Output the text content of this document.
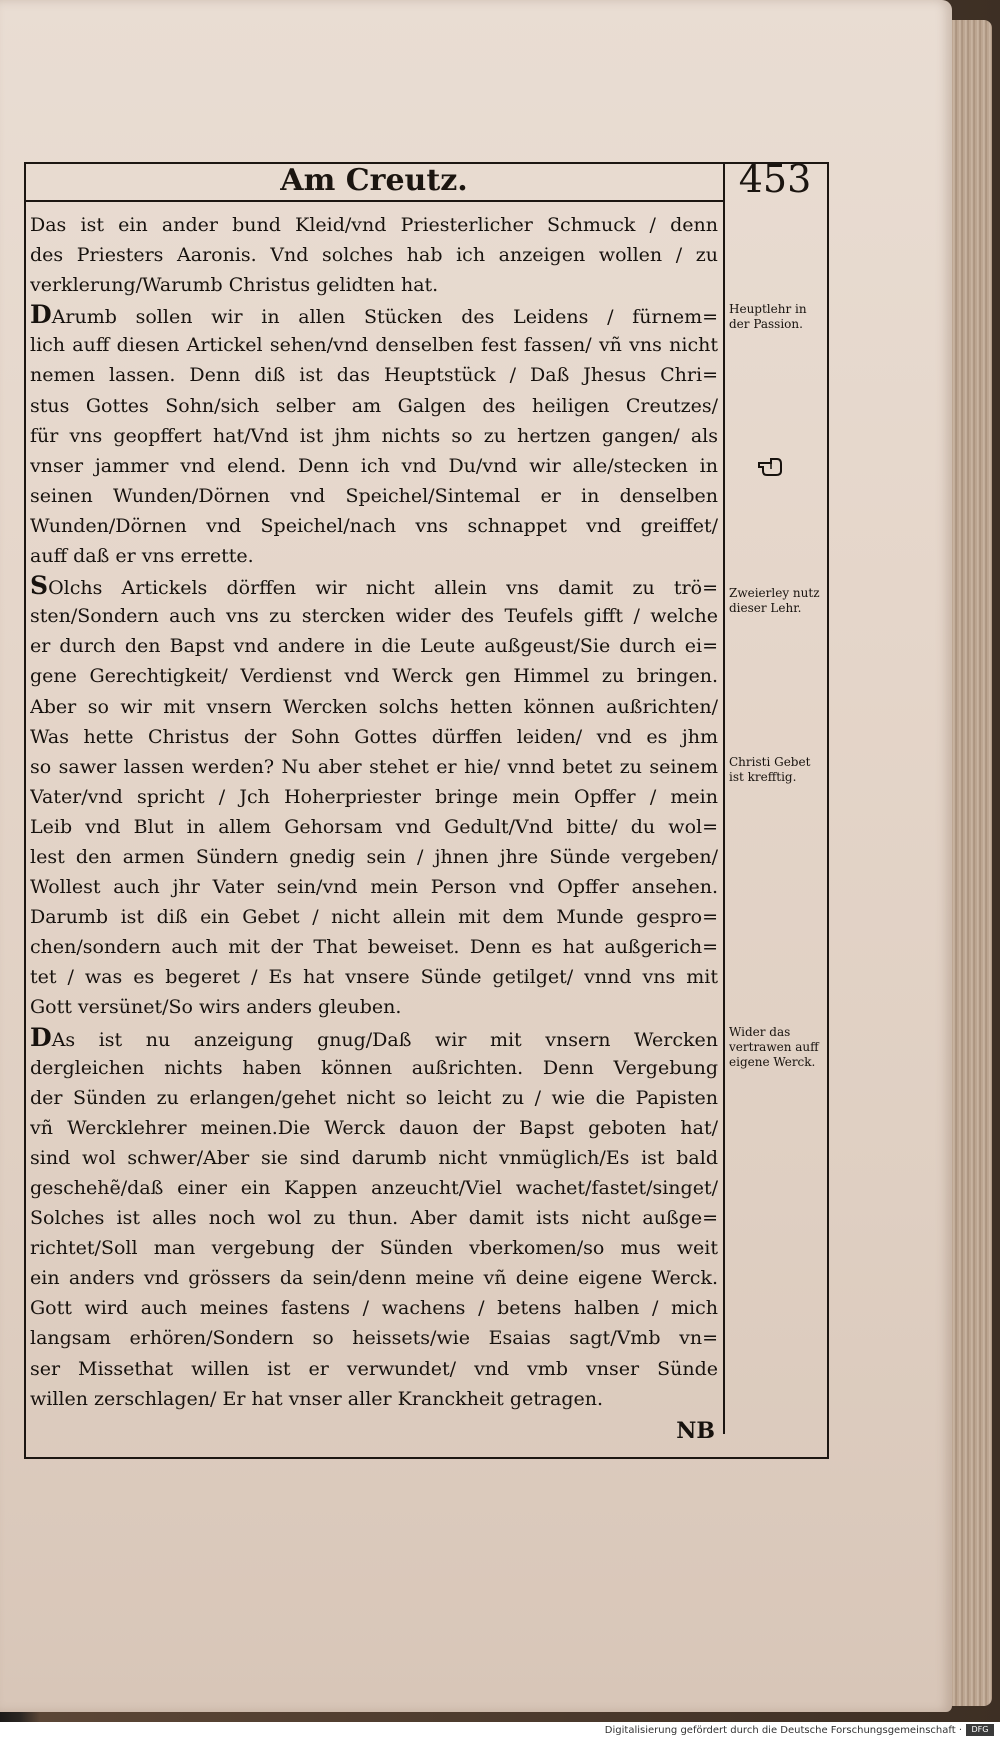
Am Creutz.	453
Das ist ein ander bund Kleid/vnd Priesterlicher Schmuck / denn
des Priesters Aaronis. Vnd solches hab ich anzeigen wollen / zu
verklerung/Warumb Christus gelidten hat.
DArumb sollen wir in allen Stücken des Leidens / fürnem=
lich auff diesen Artickel sehen/vnd denselben fest fassen/ vñ vns nicht
nemen lassen. Denn diß ist das Heuptstück / Daß Jhesus Chri=
stus Gottes Sohn/sich selber am Galgen des heiligen Creutzes/
für vns geopffert hat/Vnd ist jhm nichts so zu hertzen gangen/ als
vnser jammer vnd elend. Denn ich vnd Du/vnd wir alle/stecken in
seinen Wunden/Dörnen vnd Speichel/Sintemal er in denselben
Wunden/Dörnen vnd Speichel/nach vns schnappet vnd greiffet/
auff daß er vns errette.
SOlchs Artickels dörffen wir nicht allein vns damit zu trö=
sten/Sondern auch vns zu stercken wider des Teufels gifft / welche
er durch den Bapst vnd andere in die Leute außgeust/Sie durch ei=
gene Gerechtigkeit/ Verdienst vnd Werck gen Himmel zu bringen.
Aber so wir mit vnsern Wercken solchs hetten können außrichten/
Was hette Christus der Sohn Gottes dürffen leiden/ vnd es jhm
so sawer lassen werden? Nu aber stehet er hie/ vnnd betet zu seinem
Vater/vnd spricht / Jch Hoherpriester bringe mein Opffer / mein
Leib vnd Blut in allem Gehorsam vnd Gedult/Vnd bitte/ du wol=
lest den armen Sündern gnedig sein / jhnen jhre Sünde vergeben/
Wollest auch jhr Vater sein/vnd mein Person vnd Opffer ansehen.
Darumb ist diß ein Gebet / nicht allein mit dem Munde gespro=
chen/sondern auch mit der That beweiset. Denn es hat außgerich=
tet / was es begeret / Es hat vnsere Sünde getilget/ vnnd vns mit
Gott versünet/So wirs anders gleuben.
DAs ist nu anzeigung gnug/Daß wir mit vnsern Wercken
dergleichen nichts haben können außrichten. Denn Vergebung
der Sünden zu erlangen/gehet nicht so leicht zu / wie die Papisten
vñ Wercklehrer meinen.Die Werck dauon der Bapst geboten hat/
sind wol schwer/Aber sie sind darumb nicht vnmüglich/Es ist bald
geschehẽ/daß einer ein Kappen anzeucht/Viel wachet/fastet/singet/
Solches ist alles noch wol zu thun. Aber damit ists nicht außge=
richtet/Soll man vergebung der Sünden vberkomen/so mus weit
ein anders vnd grössers da sein/denn meine vñ deine eigene Werck.
Gott wird auch meines fastens / wachens / betens halben / mich
langsam erhören/Sondern so heissets/wie Esaias sagt/Vmb vn=
ser Missethat willen ist er verwundet/ vnd vmb vnser Sünde
willen zerschlagen/ Er hat vnser aller Kranckheit getragen.
Heuptlehr in der Passion.
Zweierley nutz dieser Lehr.
Christi Gebet ist krefftig.
Wider das vertrawen auff eigene Werck.
NB
Digitalisierung gefördert durch die Deutsche Forschungsgemeinschaft ·	DFG
